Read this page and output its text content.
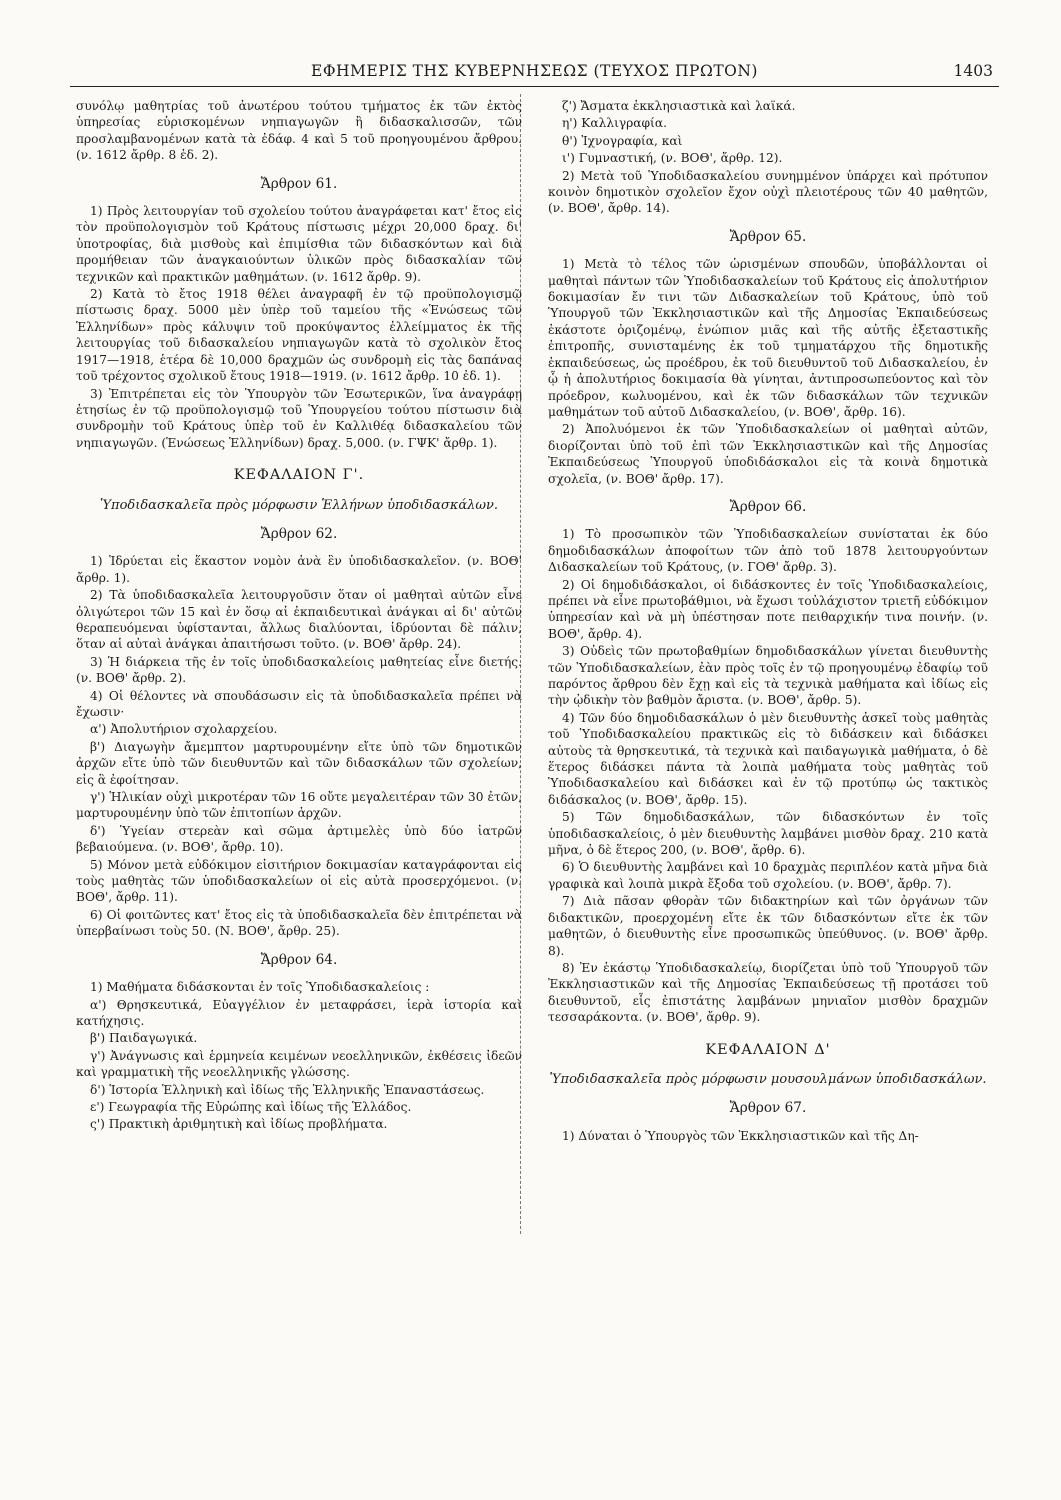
ΕΦΗΜΕΡΙΣ ΤΗΣ ΚΥΒΕΡΝΗΣΕΩΣ (ΤΕΥΧΟΣ ΠΡΩΤΟΝ)	1403

συνόλῳ μαθητρίας τοῦ ἀνωτέρου τούτου τμήματος ἐκ τῶν ἐκτὸς ὑπηρεσίας εὑρισκομένων νηπιαγωγῶν ἢ διδασκαλισσῶν, τῶν προσλαμβανομένων κατὰ τὰ ἐδάφ. 4 καὶ 5 τοῦ προηγουμένου ἄρθρου. (ν. 1612 ἄρθρ. 8 ἐδ. 2).

Ἄρθρον 61.

1) Πρὸς λειτουργίαν τοῦ σχολείου τούτου ἀναγράφεται κατ' ἔτος εἰς τὸν προϋπολογισμὸν τοῦ Κράτους πίστωσις μέχρι 20,000 δραχ. δι' ὑποτροφίας, διὰ μισθοὺς καὶ ἐπιμίσθια τῶν διδασκόντων καὶ διὰ προμήθειαν τῶν ἀναγκαιούντων ὑλικῶν πρὸς διδασκαλίαν τῶν τεχνικῶν καὶ πρακτικῶν μαθημάτων. (ν. 1612 ἄρθρ. 9).

2) Κατὰ τὸ ἔτος 1918 θέλει ἀναγραφῆ ἐν τῷ προϋπολογισμῷ πίστωσις δραχ. 5000 μὲν ὑπὲρ τοῦ ταμείου τῆς «Ἑνώσεως τῶν Ἑλληνίδων» πρὸς κάλυψιν τοῦ προκύψαντος ἐλλείμματος ἐκ τῆς λειτουργίας τοῦ διδασκαλείου νηπιαγωγῶν κατὰ τὸ σχολικὸν ἔτος 1917—1918, ἑτέρα δὲ 10,000 δραχμῶν ὡς συνδρομὴ εἰς τὰς δαπάνας τοῦ τρέχοντος σχολικοῦ ἔτους 1918—1919. (ν. 1612 ἄρθρ. 10 ἐδ. 1).

3) Ἐπιτρέπεται εἰς τὸν Ὑπουργὸν τῶν Ἐσωτερικῶν, ἵνα ἀναγράφῃ ἐτησίως ἐν τῷ προϋπολογισμῷ τοῦ Ὑπουργείου τούτου πίστωσιν διὰ συνδρομὴν τοῦ Κράτους ὑπὲρ τοῦ ἐν Καλλιθέᾳ διδασκαλείου τῶν νηπιαγωγῶν. (Ἑνώσεως Ἑλληνίδων) δραχ. 5,000. (ν. ΓΨΚ' ἄρθρ. 1).

ΚΕΦΑΛΑΙΟΝ Γ'.
Ὑποδιδασκαλεῖα πρὸς μόρφωσιν Ἑλλήνων ὑποδιδασκάλων.
Ἄρθρον 62.

1) Ἱδρύεται εἰς ἕκαστον νομὸν ἀνὰ ἓν ὑποδιδασκαλεῖον. (ν. ΒΟΘ' ἄρθρ. 1).

2) Τὰ ὑποδιδασκαλεῖα λειτουργοῦσιν ὅταν οἱ μαθηταὶ αὐτῶν εἶνε ὀλιγώτεροι τῶν 15 καὶ ἐν ὅσῳ αἱ ἐκπαιδευτικαὶ ἀνάγκαι αἱ δι' αὐτῶν θεραπευόμεναι ὑφίστανται, ἄλλως διαλύονται, ἱδρύονται δὲ πάλιν, ὅταν αἱ αὐταὶ ἀνάγκαι ἀπαιτήσωσι τοῦτο. (ν. ΒΟΘ' ἄρθρ. 24).

3) Ἡ διάρκεια τῆς ἐν τοῖς ὑποδιδασκαλείοις μαθητείας εἶνε διετής. (ν. ΒΟΘ' ἄρθρ. 2).

4) Οἱ θέλοντες νὰ σπουδάσωσιν εἰς τὰ ὑποδιδασκαλεῖα πρέπει νὰ ἔχωσιν·

α') Ἀπολυτήριον σχολαρχείου.

β') Διαγωγὴν ἄμεμπτον μαρτυρουμένην εἴτε ὑπὸ τῶν δημοτικῶν ἀρχῶν εἴτε ὑπὸ τῶν διευθυντῶν καὶ τῶν διδασκάλων τῶν σχολείων, εἰς ἃ ἐφοίτησαν.

γ') Ἡλικίαν οὐχὶ μικροτέραν τῶν 16 οὔτε μεγαλειτέραν τῶν 30 ἐτῶν, μαρτυρουμένην ὑπὸ τῶν ἐπιτοπίων ἀρχῶν.

δ') Ὑγείαν στερεὰν καὶ σῶμα ἀρτιμελὲς ὑπὸ δύο ἰατρῶν βεβαιούμενα. (ν. ΒΟΘ', ἄρθρ. 10).

5) Μόνον μετὰ εὐδόκιμον εἰσιτήριον δοκιμασίαν καταγράφονται εἰς τοὺς μαθητὰς τῶν ὑποδιδασκαλείων οἱ εἰς αὐτὰ προσερχόμενοι. (ν. ΒΟΘ', ἄρθρ. 11).

6) Οἱ φοιτῶντες κατ' ἔτος εἰς τὰ ὑποδιδασκαλεῖα δὲν ἐπιτρέπεται νὰ ὑπερβαίνωσι τοὺς 50. (Ν. ΒΟΘ', ἄρθρ. 25).

Ἄρθρον 64.

1) Μαθήματα διδάσκονται ἐν τοῖς Ὑποδιδασκαλείοις :

α') Θρησκευτικά, Εὐαγγέλιον ἐν μεταφράσει, ἱερὰ ἱστορία καὶ κατήχησις.

β') Παιδαγωγικά.

γ') Ἀνάγνωσις καὶ ἑρμηνεία κειμένων νεοελληνικῶν, ἐκθέσεις ἰδεῶν καὶ γραμματικὴ τῆς νεοελληνικῆς γλώσσης.

δ') Ἱστορία Ἑλληνικὴ καὶ ἰδίως τῆς Ἑλληνικῆς Ἐπαναστάσεως.

ε') Γεωγραφία τῆς Εὐρώπης καὶ ἰδίως τῆς Ἑλλάδος.

ς') Πρακτικὴ ἀριθμητικὴ καὶ ἰδίως προβλήματα.

ζ') Ἄσματα ἐκκλησιαστικὰ καὶ λαϊκά.

η') Καλλιγραφία.

θ') Ἰχνογραφία, καὶ

ι') Γυμναστική, (ν. ΒΟΘ', ἄρθρ. 12).

2) Μετὰ τοῦ Ὑποδιδασκαλείου συνημμένον ὑπάρχει καὶ πρότυπον κοινὸν δημοτικὸν σχολεῖον ἔχον οὐχὶ πλειοτέρους τῶν 40 μαθητῶν, (ν. ΒΟΘ', ἄρθρ. 14).

Ἄρθρον 65.

1) Μετὰ τὸ τέλος τῶν ὡρισμένων σπουδῶν, ὑποβάλλονται οἱ μαθηταὶ πάντων τῶν Ὑποδιδασκαλείων τοῦ Κράτους εἰς ἀπολυτήριον δοκιμασίαν ἔν τινι τῶν Διδασκαλείων τοῦ Κράτους, ὑπὸ τοῦ Ὑπουργοῦ τῶν Ἐκκλησιαστικῶν καὶ τῆς Δημοσίας Ἐκπαιδεύσεως ἑκάστοτε ὁριζομένῳ, ἐνώπιον μιᾶς καὶ τῆς αὐτῆς ἐξεταστικῆς ἐπιτροπῆς, συνισταμένης ἐκ τοῦ τμηματάρχου τῆς δημοτικῆς ἐκπαιδεύσεως, ὡς προέδρου, ἐκ τοῦ διευθυντοῦ τοῦ Διδασκαλείου, ἐν ᾧ ἡ ἀπολυτήριος δοκιμασία θὰ γίνηται, ἀντιπροσωπεύοντος καὶ τὸν πρόεδρον, κωλυομένου, καὶ ἐκ τῶν διδασκάλων τῶν τεχνικῶν μαθημάτων τοῦ αὐτοῦ Διδασκαλείου, (ν. ΒΟΘ', ἄρθρ. 16).

2) Ἀπολυόμενοι ἐκ τῶν Ὑποδιδασκαλείων οἱ μαθηταὶ αὐτῶν, διορίζονται ὑπὸ τοῦ ἐπὶ τῶν Ἐκκλησιαστικῶν καὶ τῆς Δημοσίας Ἐκπαιδεύσεως Ὑπουργοῦ ὑποδιδάσκαλοι εἰς τὰ κοινὰ δημοτικὰ σχολεῖα, (ν. ΒΟΘ' ἄρθρ. 17).

Ἄρθρον 66.

1) Τὸ προσωπικὸν τῶν Ὑποδιδασκαλείων συνίσταται ἐκ δύο δημοδιδασκάλων ἀποφοίτων τῶν ἀπὸ τοῦ 1878 λειτουργούντων Διδασκαλείων τοῦ Κράτους, (ν. ΓΟΘ' ἄρθρ. 3).

2) Οἱ δημοδιδάσκαλοι, οἱ διδάσκοντες ἐν τοῖς Ὑποδιδασκαλείοις, πρέπει νὰ εἶνε πρωτοβάθμιοι, νὰ ἔχωσι τοὐλάχιστον τριετῆ εὐδόκιμον ὑπηρεσίαν καὶ νὰ μὴ ὑπέστησαν ποτε πειθαρχικήν τινα ποινήν. (ν. ΒΟΘ', ἄρθρ. 4).

3) Οὐδεὶς τῶν πρωτοβαθμίων δημοδιδασκάλων γίνεται διευθυντὴς τῶν Ὑποδιδασκαλείων, ἐὰν πρὸς τοῖς ἐν τῷ προηγουμένῳ ἐδαφίῳ τοῦ παρόντος ἄρθρου δὲν ἔχῃ καὶ εἰς τὰ τεχνικὰ μαθήματα καὶ ἰδίως εἰς τὴν ᾠδικὴν τὸν βαθμὸν ἄριστα. (ν. ΒΟΘ', ἄρθρ. 5).

4) Τῶν δύο δημοδιδασκάλων ὁ μὲν διευθυντὴς ἀσκεῖ τοὺς μαθητὰς τοῦ Ὑποδιδασκαλείου πρακτικῶς εἰς τὸ διδάσκειν καὶ διδάσκει αὐτοὺς τὰ θρησκευτικά, τὰ τεχνικὰ καὶ παιδαγωγικὰ μαθήματα, ὁ δὲ ἕτερος διδάσκει πάντα τὰ λοιπὰ μαθήματα τοὺς μαθητὰς τοῦ Ὑποδιδασκαλείου καὶ διδάσκει καὶ ἐν τῷ προτύπῳ ὡς τακτικὸς διδάσκαλος (ν. ΒΟΘ', ἄρθρ. 15).

5) Τῶν δημοδιδασκάλων, τῶν διδασκόντων ἐν τοῖς ὑποδιδασκαλείοις, ὁ μὲν διευθυντὴς λαμβάνει μισθὸν δραχ. 210 κατὰ μῆνα, ὁ δὲ ἕτερος 200, (ν. ΒΟΘ', ἄρθρ. 6).

6) Ὁ διευθυντὴς λαμβάνει καὶ 10 δραχμὰς περιπλέον κατὰ μῆνα διὰ γραφικὰ καὶ λοιπὰ μικρὰ ἔξοδα τοῦ σχολείου. (ν. ΒΟΘ', ἄρθρ. 7).

7) Διὰ πᾶσαν φθορὰν τῶν διδακτηρίων καὶ τῶν ὀργάνων τῶν διδακτικῶν, προερχομένη εἴτε ἐκ τῶν διδασκόντων εἴτε ἐκ τῶν μαθητῶν, ὁ διευθυντὴς εἶνε προσωπικῶς ὑπεύθυνος. (ν. ΒΟΘ' ἄρθρ. 8).

8) Ἐν ἑκάστῳ Ὑποδιδασκαλείῳ, διορίζεται ὑπὸ τοῦ Ὑπουργοῦ τῶν Ἐκκλησιαστικῶν καὶ τῆς Δημοσίας Ἐκπαιδεύσεως τῇ προτάσει τοῦ διευθυντοῦ, εἷς ἐπιστάτης λαμβάνων μηνιαῖον μισθὸν δραχμῶν τεσσαράκοντα. (ν. ΒΟΘ', ἄρθρ. 9).

ΚΕΦΑΛΑΙΟΝ Δ'
Ὑποδιδασκαλεῖα πρὸς μόρφωσιν μουσουλμάνων ὑποδιδασκάλων.
Ἄρθρον 67.

1) Δύναται ὁ Ὑπουργὸς τῶν Ἐκκλησιαστικῶν καὶ τῆς Δη-
